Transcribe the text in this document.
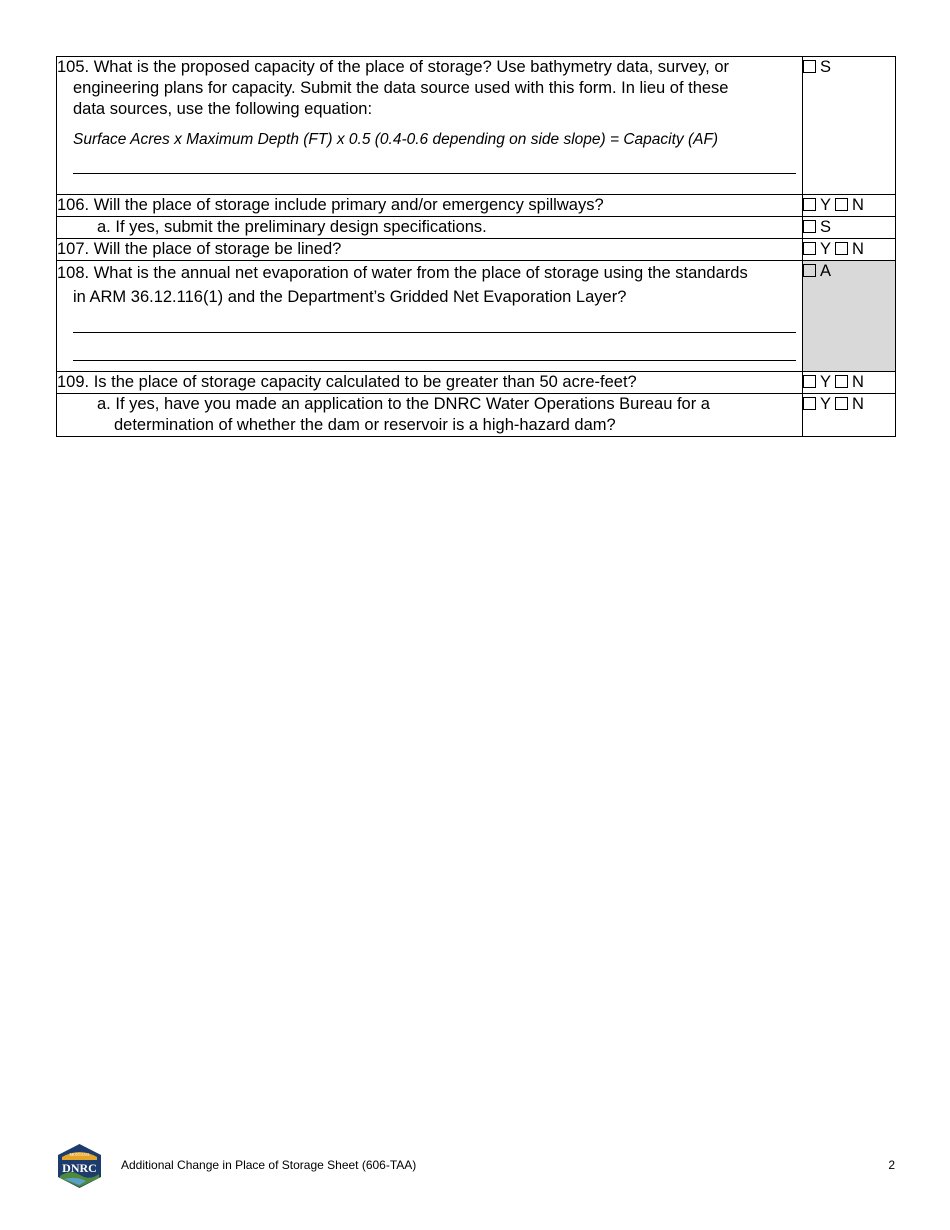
105. What is the proposed capacity of the place of storage? Use bathymetry data, survey, or
engineering plans for capacity. Submit the data source used with this form. In lieu of these
data sources, use the following equation:
Surface Acres x Maximum Depth (FT) x 0.5 (0.4-0.6 depending on side slope) = Capacity (AF)	S

106. Will the place of storage include primary and/or emergency spillways?	Y N

a. If yes, submit the preliminary design specifications.	S

107. Will the place of storage be lined?	Y N

108. What is the annual net evaporation of water from the place of storage using the standards
in ARM 36.12.116(1) and the Department’s Gridded Net Evaporation Layer?	A

109. Is the place of storage capacity calculated to be greater than 50 acre-feet?	Y N

a. If yes, have you made an application to the DNRC Water Operations Bureau for a
determination of whether the dam or reservoir is a high-hazard dam?	Y N
MONTANA
DNRC Additional Change in Place of Storage Sheet (606-TAA)	2
